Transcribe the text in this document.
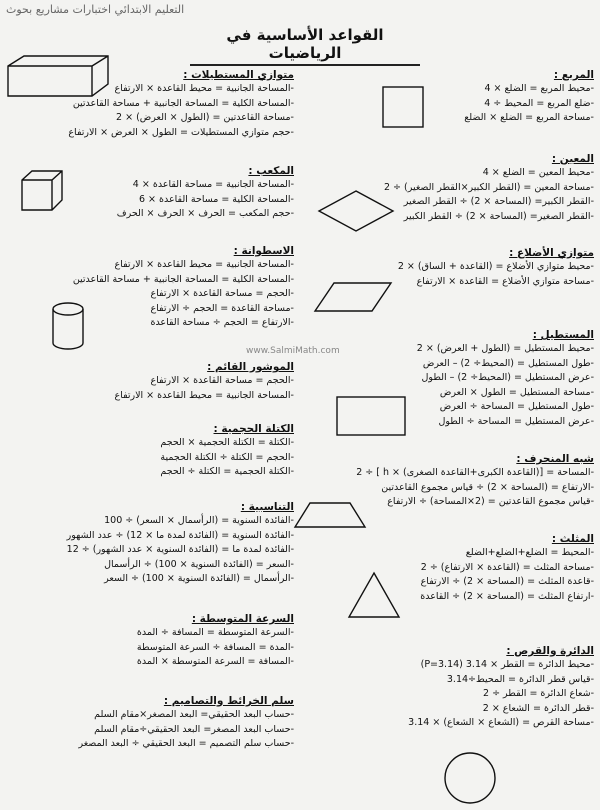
التعليم الابتدائي اختبارات مشاريع بحوث
القواعد الأساسية في الرياضيات
www.SalmiMath.com
المربع :
-محيط المربع = الضلع × 4
-ضلع المربع = المحيط ÷ 4
-مساحة المربع = الضلع × الضلع
المعين :
-محيط المعين = الضلع × 4
-مساحة المعين = (القطر الكبير×القطر الصغير) ÷ 2
-القطر الكبير= (المساحة × 2) ÷ القطر الصغير
-القطر الصغير= (المساحة × 2) ÷ القطر الكبير
متوازي الأضلاع :
-محيط متوازي الأضلاع = (القاعدة + الساق) × 2
-مساحة متوازي الأضلاع = القاعدة × الارتفاع
المستطيل :
-محيط المستطيل = (الطول + العرض) × 2
-طول المستطيل = (المحيط÷ 2) – العرض
-عرض المستطيل = (المحيط÷ 2) – الطول
-مساحة المستطيل = الطول × العرض
-طول المستطيل = المساحة ÷ العرض
-عرض المستطيل = المساحة ÷ الطول
شبه المنحرف :
-المساحة = [(القاعدة الكبرى+القاعدة الصغرى) × h ] ÷ 2
-الارتفاع = (المساحة × 2) ÷ قياس مجموع القاعدتين
-قياس مجموع القاعدتين = (2×المساحة) ÷ الارتفاع
المثلث :
-المحيط = الضلع+الضلع+الضلع
-مساحة المثلث = (القاعدة × الارتفاع) ÷ 2
-قاعدة المثلث = (المساحة × 2) ÷ الارتفاع
-ارتفاع المثلث = (المساحة × 2) ÷ القاعدة
الدائرة والقرص :
-محيط الدائرة = القطر × 3.14 (P=3.14)
-قياس قطر الدائرة = المحيط÷3.14
-شعاع الدائرة = القطر ÷ 2
-قطر الدائرة = الشعاع × 2
-مساحة القرص = (الشعاع × الشعاع) × 3.14
متوازي المستطيلات :
-المساحة الجانبية = محيط القاعدة × الارتفاع
-المساحة الكلية = المساحة الجانبية + مساحة القاعدتين
-مساحة القاعدتين = (الطول × العرض) × 2
-حجم متوازي المستطيلات = الطول × العرض × الارتفاع
المكعب :
-المساحة الجانبية = مساحة القاعدة × 4
-المساحة الكلية = مساحة القاعدة × 6
-حجم المكعب = الحرف × الحرف × الحرف
الاسطوانة :
-المساحة الجانبية = محيط القاعدة × الارتفاع
-المساحة الكلية = المساحة الجانبية + مساحة القاعدتين
-الحجم = مساحة القاعدة × الارتفاع
-مساحة القاعدة = الحجم ÷ الارتفاع
-الارتفاع = الحجم ÷ مساحة القاعدة
الموشور القائم :
-الحجم = مساحة القاعدة × الارتفاع
-المساحة الجانبية = محيط القاعدة × الارتفاع
الكتلة الحجمية :
-الكتلة = الكتلة الحجمية × الحجم
-الحجم = الكتلة ÷ الكتلة الحجمية
-الكتلة الحجمية = الكتلة ÷ الحجم
التناسبية :
-الفائدة السنوية = (الرأسمال × السعر) ÷ 100
-الفائدة السنوية = (الفائدة لمدة ما × 12) ÷ عدد الشهور
-الفائدة لمدة ما = (الفائدة السنوية × عدد الشهور) ÷ 12
-السعر = (الفائدة السنوية × 100) ÷ الرأسمال
-الرأسمال = (الفائدة السنوية × 100) ÷ السعر
السرعة المتوسطة :
-السرعة المتوسطة = المسافة ÷ المدة
-المدة = المسافة ÷ السرعة المتوسطة
-المسافة = السرعة المتوسطة × المدة
سلم الخرائط والتصاميم :
-حساب البعد الحقيقي= البعد المصغر×مقام السلم
-حساب البعد المصغر= البعد الحقيقي÷مقام السلم
-حساب سلم التصميم = البعد الحقيقي ÷ البعد المصغر
